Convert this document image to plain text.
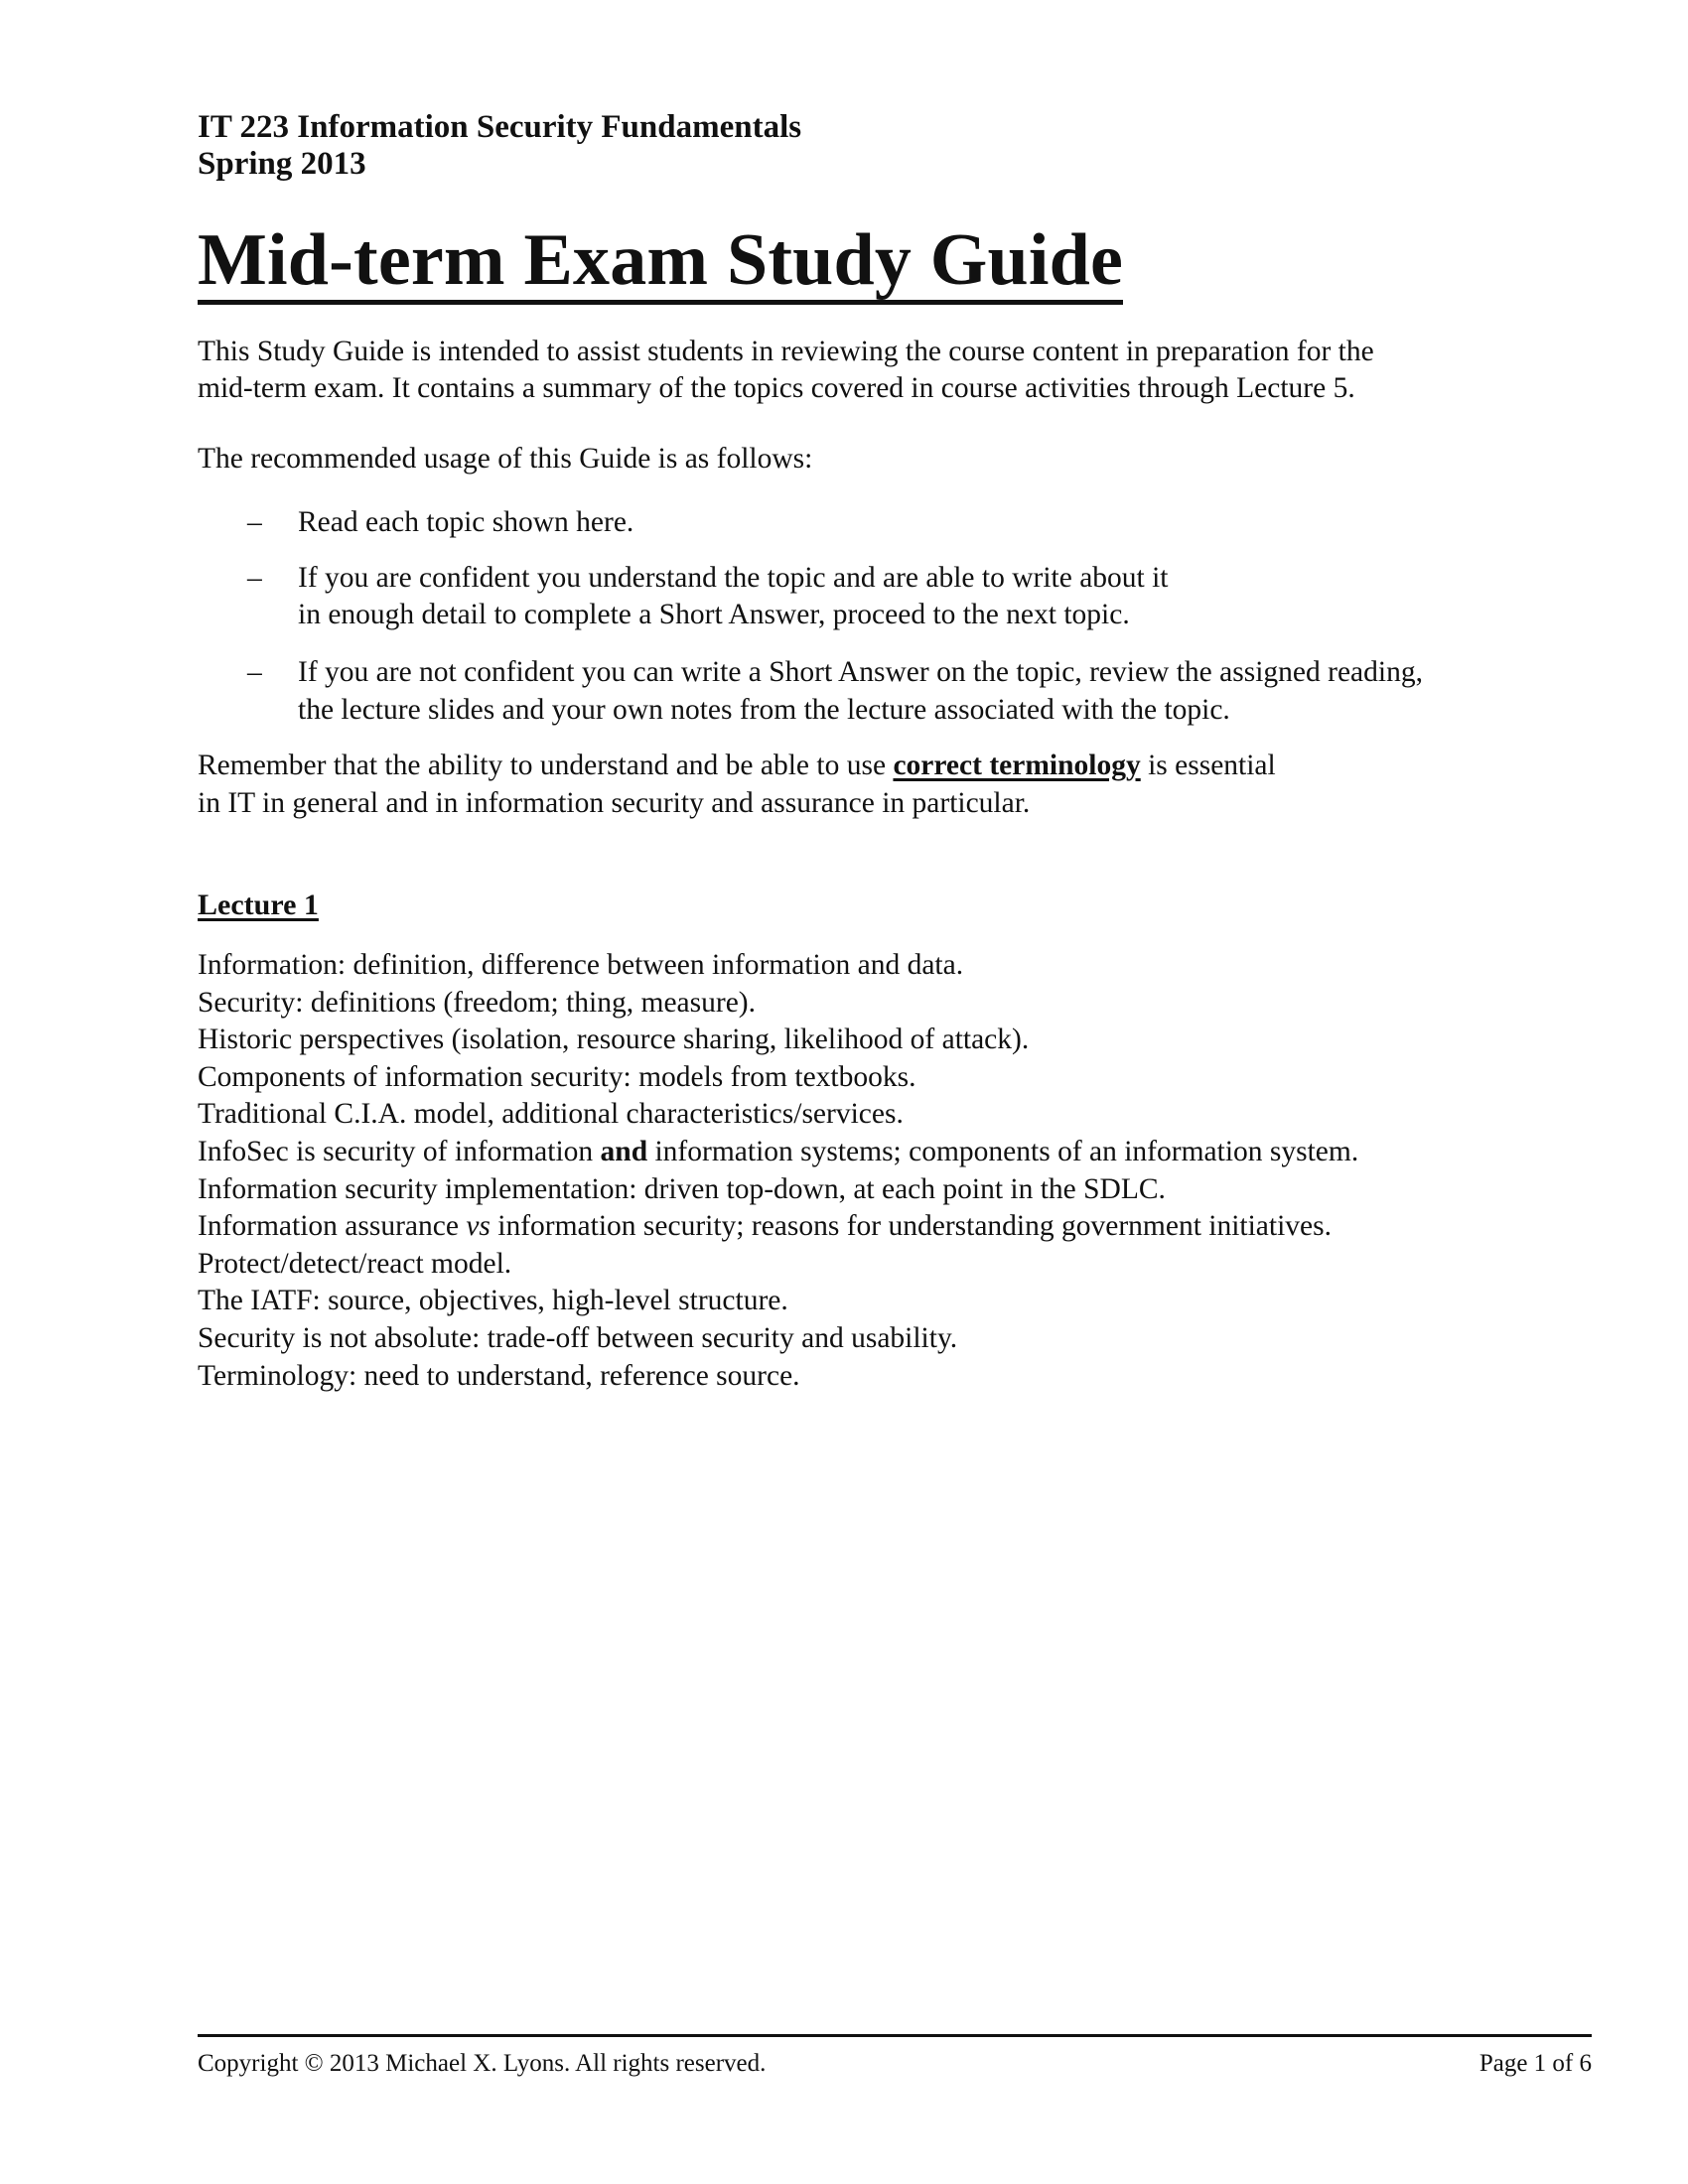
IT 223 Information Security Fundamentals
Spring 2013
Mid-term Exam Study Guide
This Study Guide is intended to assist students in reviewing the course content in preparation for the
mid-term exam. It contains a summary of the topics covered in course activities through Lecture 5.
The recommended usage of this Guide is as follows:
– Read each topic shown here.
– If you are confident you understand the topic and are able to write about it
in enough detail to complete a Short Answer, proceed to the next topic.
– If you are not confident you can write a Short Answer on the topic, review the assigned reading,
the lecture slides and your own notes from the lecture associated with the topic.
Remember that the ability to understand and be able to use correct terminology is essential
in IT in general and in information security and assurance in particular.
Lecture 1
Information: definition, difference between information and data.
Security: definitions (freedom; thing, measure).
Historic perspectives (isolation, resource sharing, likelihood of attack).
Components of information security: models from textbooks.
Traditional C.I.A. model, additional characteristics/services.
InfoSec is security of information and information systems; components of an information system.
Information security implementation: driven top-down, at each point in the SDLC.
Information assurance vs information security; reasons for understanding government initiatives.
Protect/detect/react model.
The IATF: source, objectives, high-level structure.
Security is not absolute: trade-off between security and usability.
Terminology: need to understand, reference source.
Copyright © 2013 Michael X. Lyons. All rights reserved.	Page 1 of 6
